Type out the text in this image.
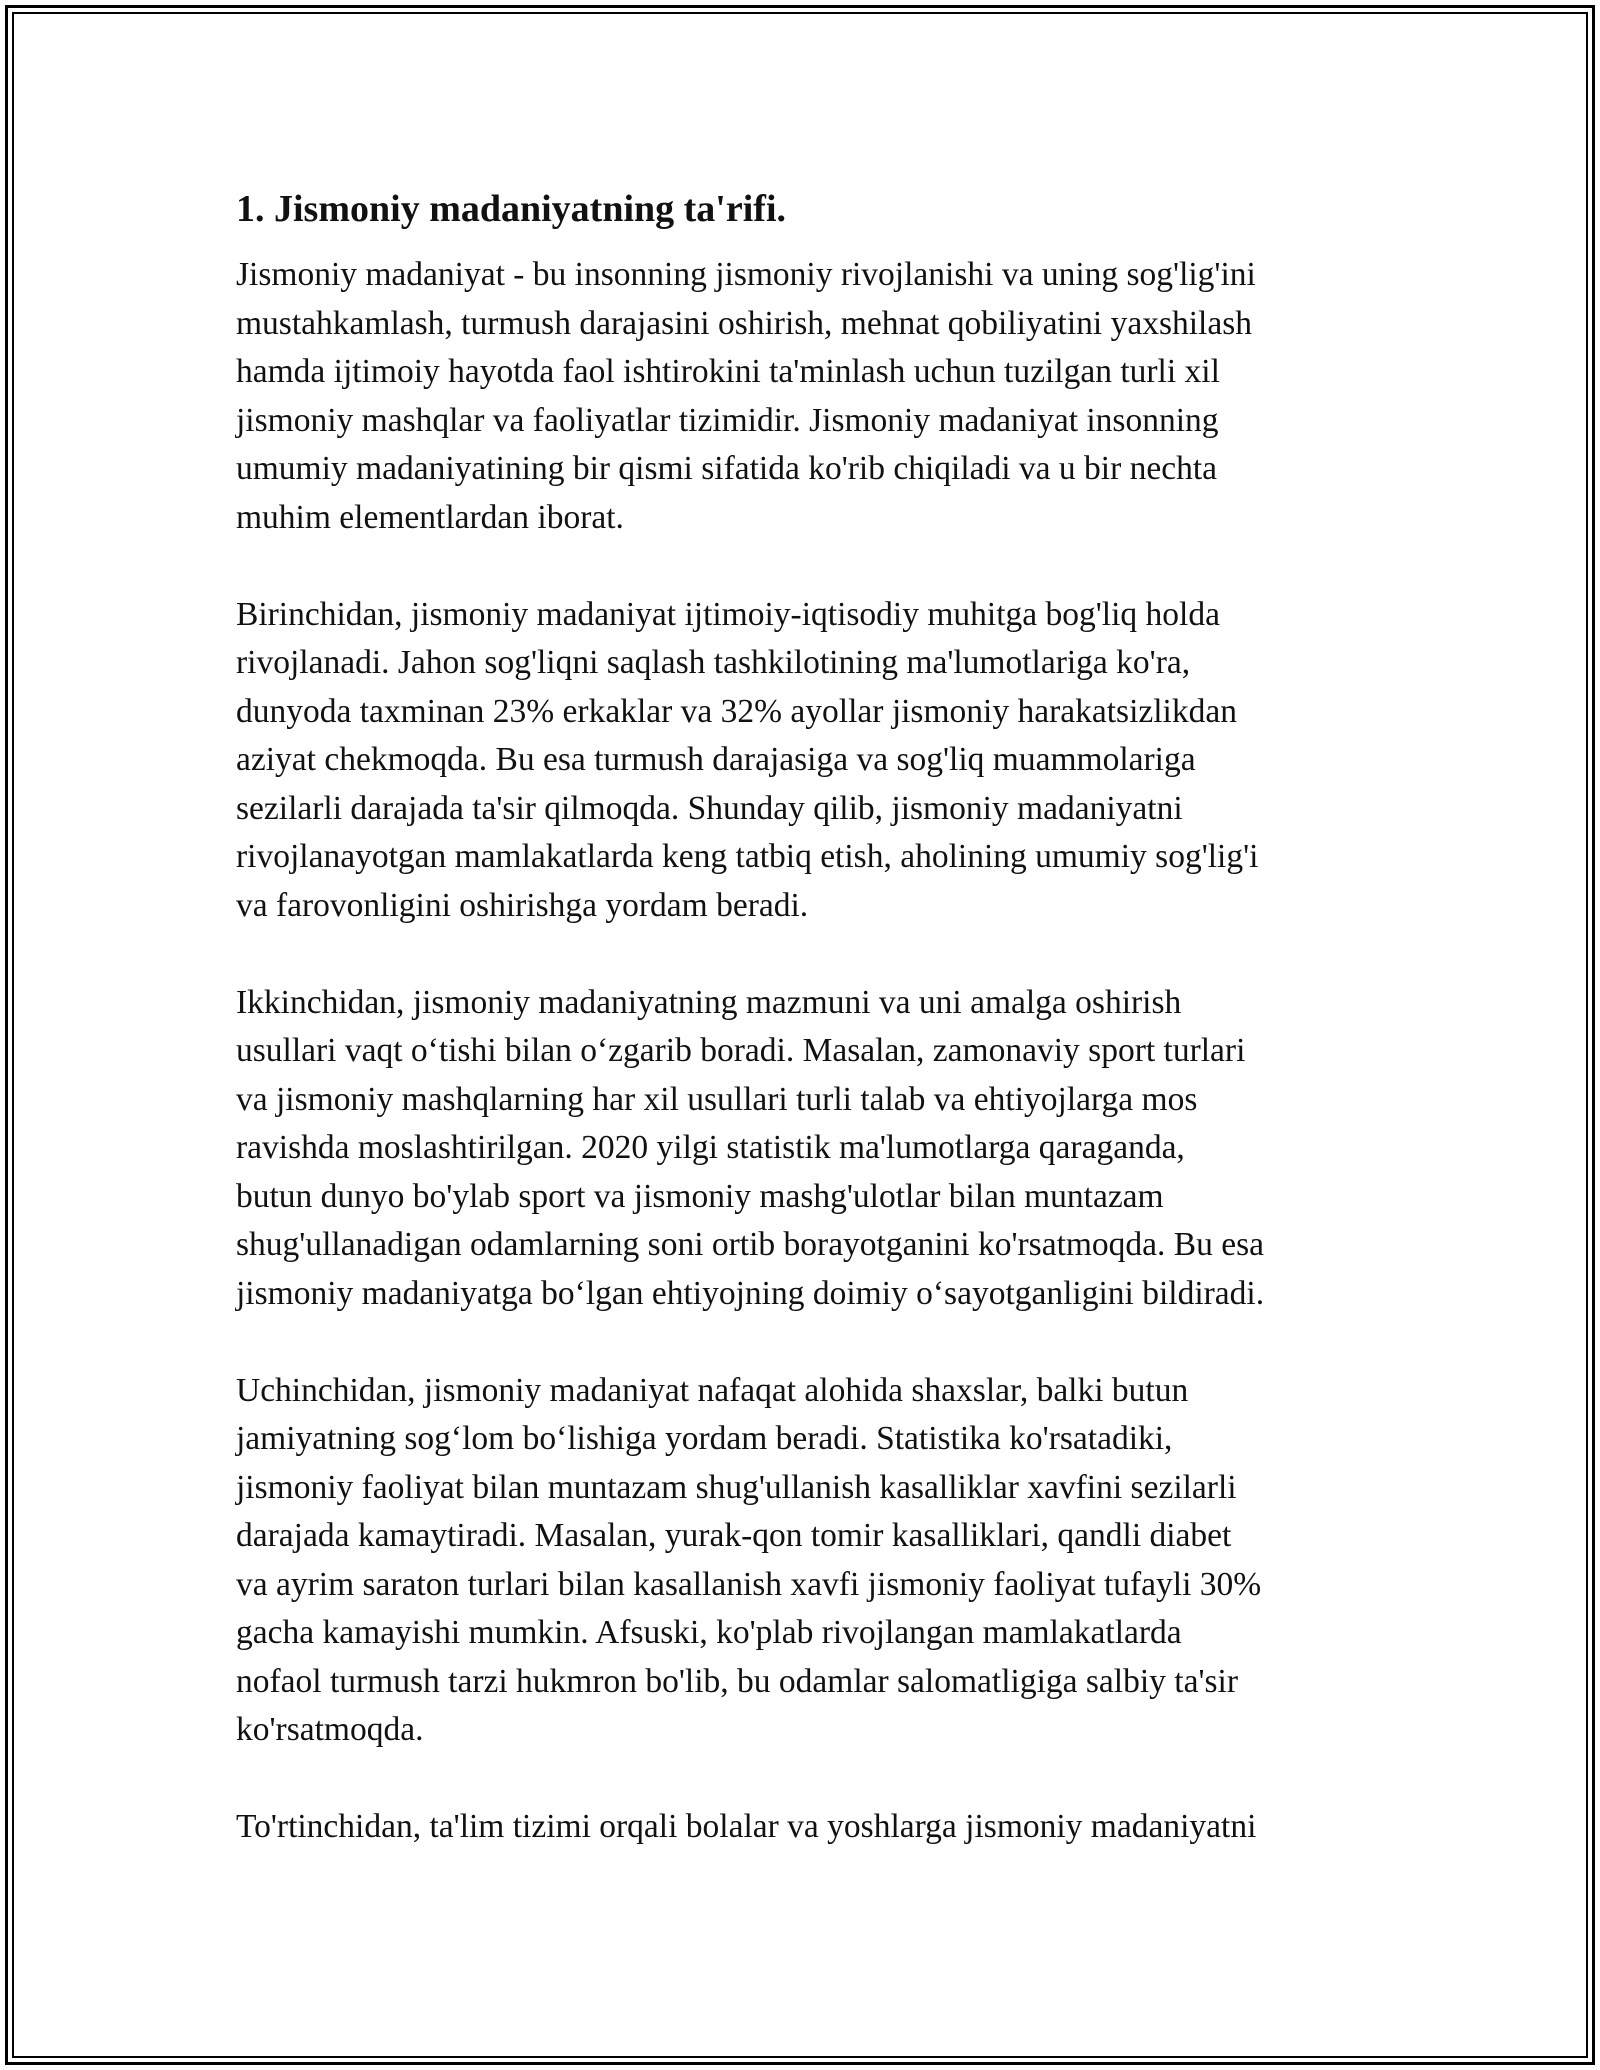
1. Jismoniy madaniyatning ta'rifi.

Jismoniy madaniyat - bu insonning jismoniy rivojlanishi va uning sog'lig'ini
mustahkamlash, turmush darajasini oshirish, mehnat qobiliyatini yaxshilash
hamda ijtimoiy hayotda faol ishtirokini ta'minlash uchun tuzilgan turli xil
jismoniy mashqlar va faoliyatlar tizimidir. Jismoniy madaniyat insonning
umumiy madaniyatining bir qismi sifatida ko'rib chiqiladi va u bir nechta
muhim elementlardan iborat.

Birinchidan, jismoniy madaniyat ijtimoiy-iqtisodiy muhitga bog'liq holda
rivojlanadi. Jahon sog'liqni saqlash tashkilotining ma'lumotlariga ko'ra,
dunyoda taxminan 23% erkaklar va 32% ayollar jismoniy harakatsizlikdan
aziyat chekmoqda. Bu esa turmush darajasiga va sog'liq muammolariga
sezilarli darajada ta'sir qilmoqda. Shunday qilib, jismoniy madaniyatni
rivojlanayotgan mamlakatlarda keng tatbiq etish, aholining umumiy sog'lig'i
va farovonligini oshirishga yordam beradi.

Ikkinchidan, jismoniy madaniyatning mazmuni va uni amalga oshirish
usullari vaqt o‘tishi bilan o‘zgarib boradi. Masalan, zamonaviy sport turlari
va jismoniy mashqlarning har xil usullari turli talab va ehtiyojlarga mos
ravishda moslashtirilgan. 2020 yilgi statistik ma'lumotlarga qaraganda,
butun dunyo bo'ylab sport va jismoniy mashg'ulotlar bilan muntazam
shug'ullanadigan odamlarning soni ortib borayotganini ko'rsatmoqda. Bu esa
jismoniy madaniyatga bo‘lgan ehtiyojning doimiy o‘sayotganligini bildiradi.

Uchinchidan, jismoniy madaniyat nafaqat alohida shaxslar, balki butun
jamiyatning sog‘lom bo‘lishiga yordam beradi. Statistika ko'rsatadiki,
jismoniy faoliyat bilan muntazam shug'ullanish kasalliklar xavfini sezilarli
darajada kamaytiradi. Masalan, yurak-qon tomir kasalliklari, qandli diabet
va ayrim saraton turlari bilan kasallanish xavfi jismoniy faoliyat tufayli 30%
gacha kamayishi mumkin. Afsuski, ko'plab rivojlangan mamlakatlarda
nofaol turmush tarzi hukmron bo'lib, bu odamlar salomatligiga salbiy ta'sir
ko'rsatmoqda.

To'rtinchidan, ta'lim tizimi orqali bolalar va yoshlarga jismoniy madaniyatni
